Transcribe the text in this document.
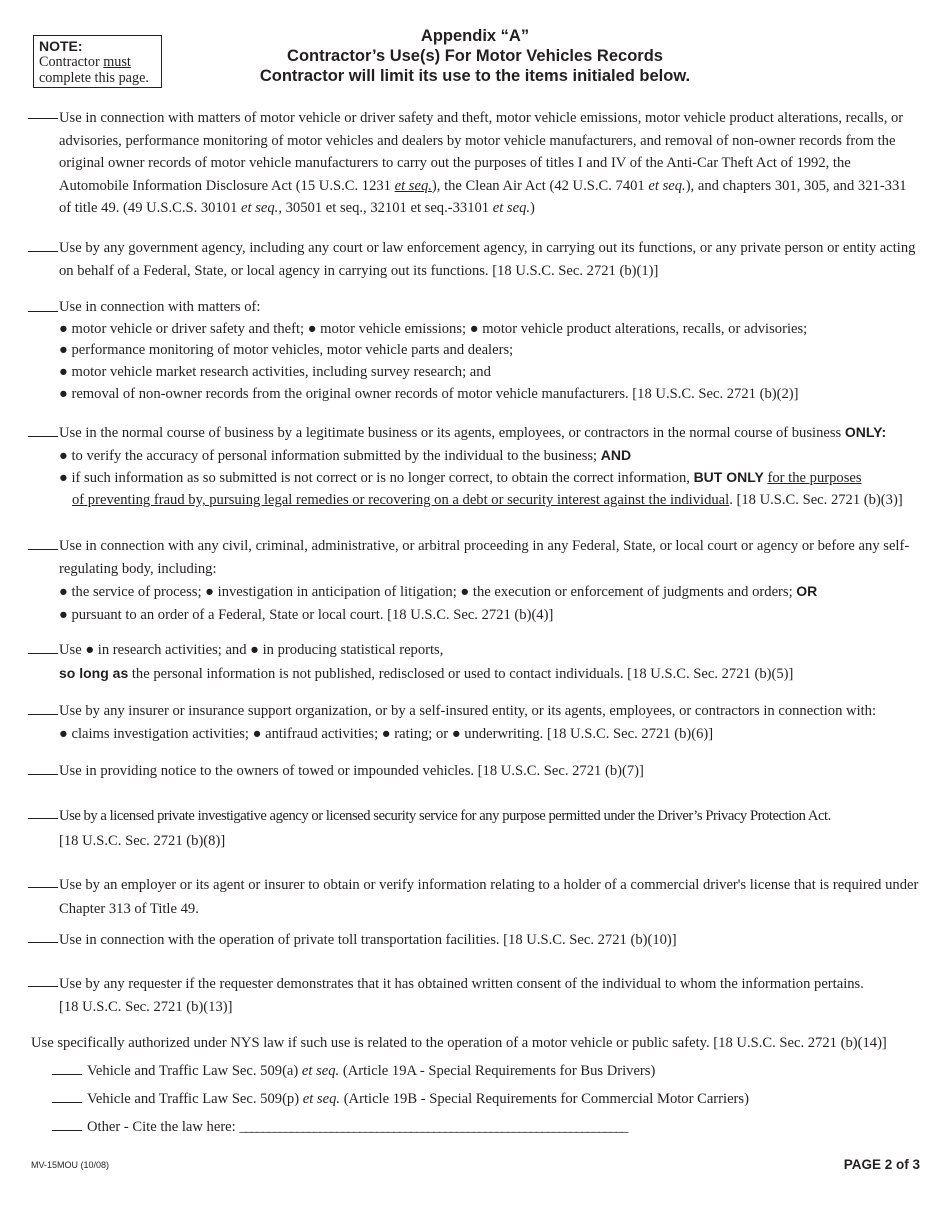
NOTE:
Contractor must
complete this page.
Appendix “A”
Contractor’s Use(s) For Motor Vehicles Records
Contractor will limit its use to the items initialed below.
Use in connection with matters of motor vehicle or driver safety and theft, motor vehicle emissions, motor vehicle product alterations, recalls, or advisories, performance monitoring of motor vehicles and dealers by motor vehicle manufacturers, and removal of non-owner records from the original owner records of motor vehicle manufacturers to carry out the purposes of titles I and IV of the Anti-Car Theft Act of 1992, the Automobile Information Disclosure Act (15 U.S.C. 1231 et seq.), the Clean Air Act (42 U.S.C. 7401 et seq.), and chapters 301, 305, and 321-331 of title 49. (49 U.S.C.S. 30101 et seq., 30501 et seq., 32101 et seq.-33101 et seq.)
Use by any government agency, including any court or law enforcement agency, in carrying out its functions, or any private person or entity acting on behalf of a Federal, State, or local agency in carrying out its functions. [18 U.S.C. Sec. 2721 (b)(1)]
Use in connection with matters of:
● motor vehicle or driver safety and theft; ● motor vehicle emissions; ● motor vehicle product alterations, recalls, or advisories;
● performance monitoring of motor vehicles, motor vehicle parts and dealers;
● motor vehicle market research activities, including survey research; and
● removal of non-owner records from the original owner records of motor vehicle manufacturers. [18 U.S.C. Sec. 2721 (b)(2)]
Use in the normal course of business by a legitimate business or its agents, employees, or contractors in the normal course of business ONLY:
● to verify the accuracy of personal information submitted by the individual to the business; AND
● if such information as so submitted is not correct or is no longer correct, to obtain the correct information, BUT ONLY for the purposes
of preventing fraud by, pursuing legal remedies or recovering on a debt or security interest against the individual. [18 U.S.C. Sec. 2721 (b)(3)]
Use in connection with any civil, criminal, administrative, or arbitral proceeding in any Federal, State, or local court or agency or before any self-regulating body, including:
● the service of process; ● investigation in anticipation of litigation; ● the execution or enforcement of judgments and orders; OR
● pursuant to an order of a Federal, State or local court. [18 U.S.C. Sec. 2721 (b)(4)]
Use ● in research activities; and ● in producing statistical reports,
so long as the personal information is not published, redisclosed or used to contact individuals. [18 U.S.C. Sec. 2721 (b)(5)]
Use by any insurer or insurance support organization, or by a self-insured entity, or its agents, employees, or contractors in connection with:
● claims investigation activities; ● antifraud activities; ● rating; or ● underwriting. [18 U.S.C. Sec. 2721 (b)(6)]
Use in providing notice to the owners of towed or impounded vehicles. [18 U.S.C. Sec. 2721 (b)(7)]
Use by a licensed private investigative agency or licensed security service for any purpose permitted under the Driver’s Privacy Protection Act.
[18 U.S.C. Sec. 2721 (b)(8)]
Use by an employer or its agent or insurer to obtain or verify information relating to a holder of a commercial driver's license that is required under Chapter 313 of Title 49.
Use in connection with the operation of private toll transportation facilities. [18 U.S.C. Sec. 2721 (b)(10)]
Use by any requester if the requester demonstrates that it has obtained written consent of the individual to whom the information pertains.
[18 U.S.C. Sec. 2721 (b)(13)]
Use specifically authorized under NYS law if such use is related to the operation of a motor vehicle or public safety. [18 U.S.C. Sec. 2721 (b)(14)]
Vehicle and Traffic Law Sec. 509(a) et seq. (Article 19A - Special Requirements for Bus Drivers)
Vehicle and Traffic Law Sec. 509(p) et seq. (Article 19B - Special Requirements for Commercial Motor Carriers)
Other - Cite the law here: ____________________________________________________________________
MV-15MOU (10/08)	PAGE 2 of 3
